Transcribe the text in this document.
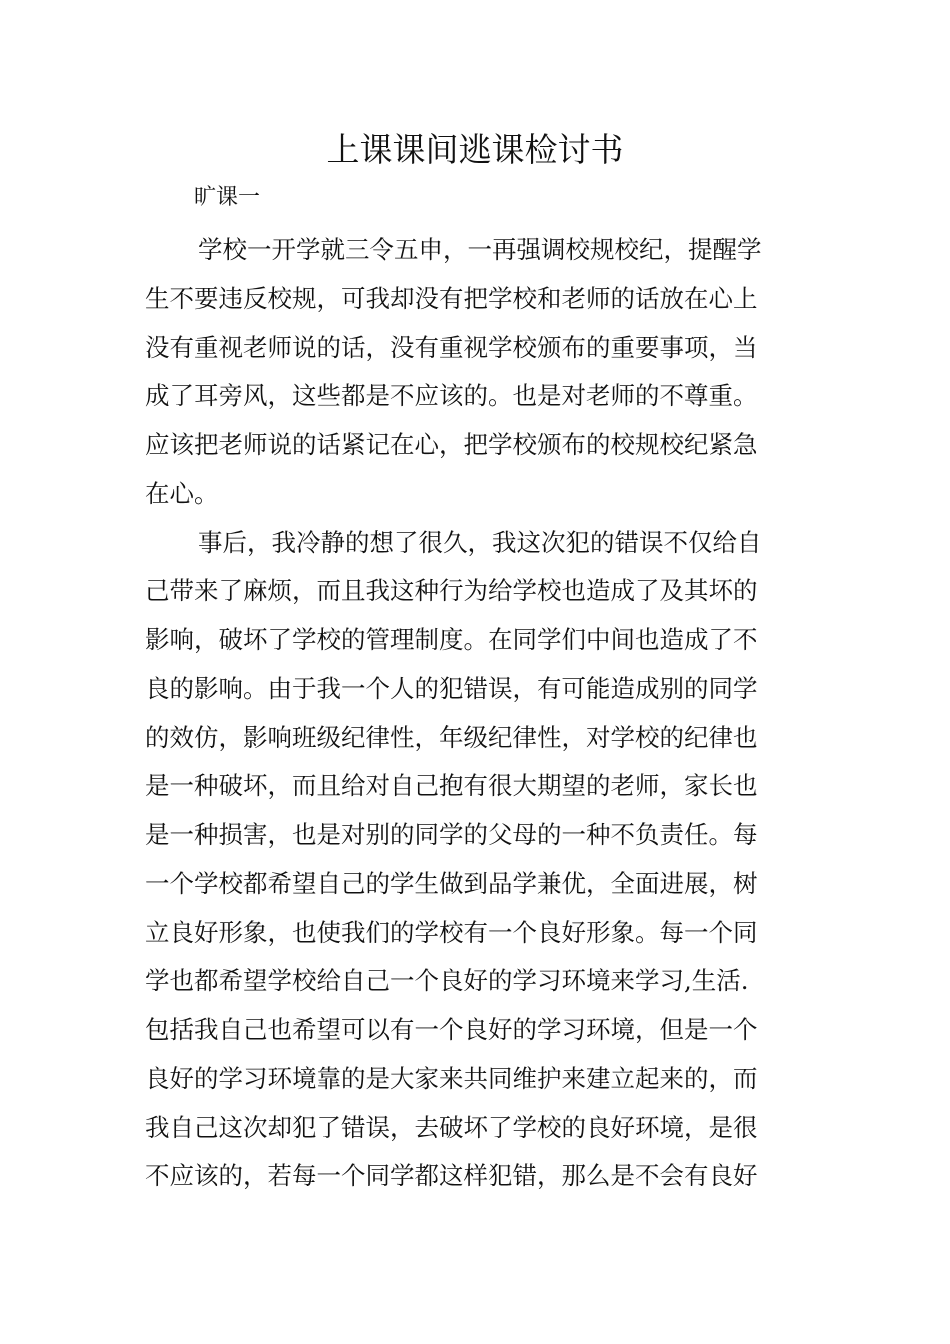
上课课间逃课检讨书

旷课一

学校一开学就三令五申，一再强调校规校纪，提醒学
生不要违反校规，可我却没有把学校和老师的话放在心上
没有重视老师说的话，没有重视学校颁布的重要事项，当
成了耳旁风，这些都是不应该的。也是对老师的不尊重。
应该把老师说的话紧记在心，把学校颁布的校规校纪紧急
在心。

事后，我冷静的想了很久，我这次犯的错误不仅给自
己带来了麻烦，而且我这种行为给学校也造成了及其坏的
影响，破坏了学校的管理制度。在同学们中间也造成了不
良的影响。由于我一个人的犯错误，有可能造成别的同学
的效仿，影响班级纪律性，年级纪律性，对学校的纪律也
是一种破坏，而且给对自己抱有很大期望的老师，家长也
是一种损害，也是对别的同学的父母的一种不负责任。每
一个学校都希望自己的学生做到品学兼优，全面进展，树
立良好形象，也使我们的学校有一个良好形象。每一个同
学也都希望学校给自己一个良好的学习环境来学习,生活.
包括我自己也希望可以有一个良好的学习环境，但是一个
良好的学习环境靠的是大家来共同维护来建立起来的，而
我自己这次却犯了错误，去破坏了学校的良好环境，是很
不应该的，若每一个同学都这样犯错，那么是不会有良好
